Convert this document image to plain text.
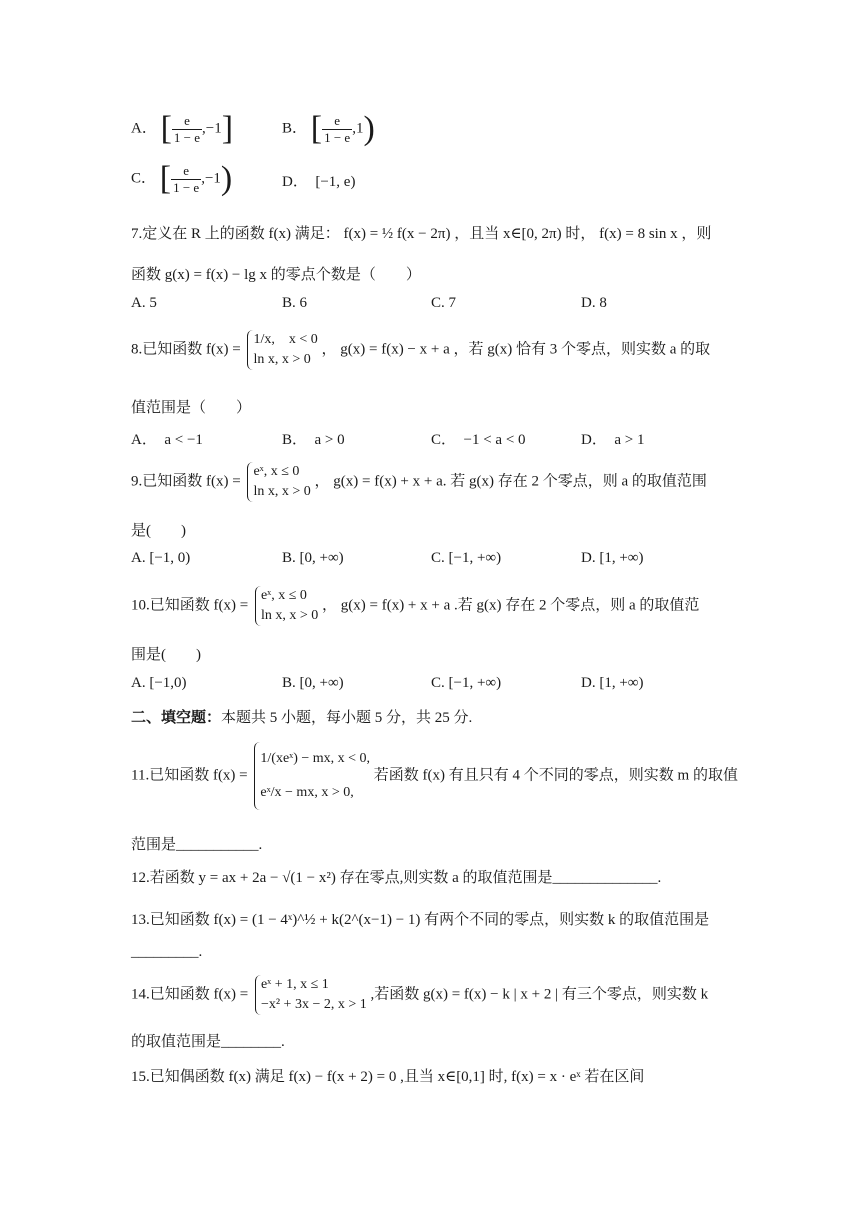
A． [ $\frac{e}{1 - e} ,-1$]	B． [ $\frac{e}{1 - e} ,1$)
C． [ $\frac{e}{1 - e} ,-1$)	D．  [−1, e)
7.定义在 R 上的函数 f(x) 满足： f(x) = ½ f(x − 2π) ，且当 x∈[0, 2π) 时， f(x) = 8 sin x ，则
函数 g(x) = f(x) − lg x 的零点个数是（　　）
A. 5	B. 6	C. 7	D. 8
8.已知函数 f(x) =
1/x,　x < 0
ln x, x > 0
， g(x) = f(x) − x + a ，若 g(x) 恰有 3 个零点，则实数 a 的取
值范围是（　　）
A．　a < −1	B．　a > 0	C．　−1 < a < 0	D．　a > 1
9.已知函数 f(x) =
eˣ, x ≤ 0
ln x, x > 0
， g(x) = f(x) + x + a. 若 g(x) 存在 2 个零点，则 a 的取值范围
是(　　)
A. [−1, 0)	B. [0, +∞)	C. [−1, +∞)	D. [1, +∞)
10.已知函数 f(x) =
eˣ, x ≤ 0
ln x, x > 0
， g(x) = f(x) + x + a .若 g(x) 存在 2 个零点，则 a 的取值范
围是(　　)
A. [−1,0)	B. [0, +∞)	C. [−1, +∞)	D. [1, +∞)
二、填空题：本题共 5 小题，每小题 5 分，共 25 分.
11.已知函数 f(x) =
1/(xeˣ) − mx, x < 0,
eˣ/x − mx, x > 0,
若函数 f(x) 有且只有 4 个不同的零点，则实数 m 的取值
范围是___________.
12.若函数 y = ax + 2a − √(1 − x²) 存在零点,则实数 a 的取值范围是______________.
13.已知函数 f(x) = (1 − 4ˣ)^½ + k(2^(x−1) − 1) 有两个不同的零点，则实数 k 的取值范围是
_________.
14.已知函数 f(x) =
eˣ + 1, x ≤ 1
−x² + 3x − 2, x > 1
,若函数 g(x) = f(x) − k | x + 2 | 有三个零点，则实数 k
的取值范围是________.
15.已知偶函数 f(x) 满足 f(x) − f(x + 2) = 0 ,且当 x∈[0,1] 时, f(x) = x · eˣ 若在区间
